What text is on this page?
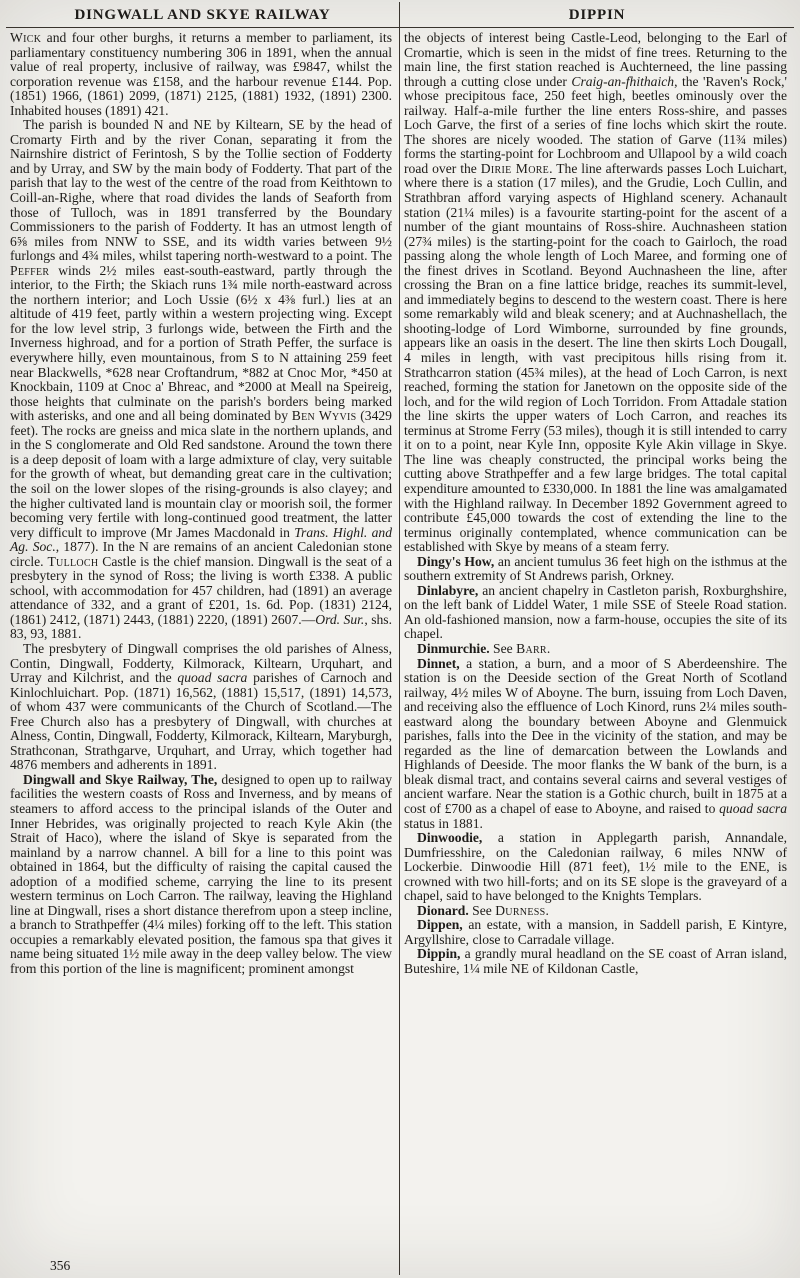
DINGWALL AND SKYE RAILWAY	DIPPIN

Wick and four other burghs, it returns a member to parliament, its parliamentary constituency numbering 306 in 1891, when the annual value of real property, inclusive of railway, was £9847, whilst the corporation revenue was £158, and the harbour revenue £144. Pop. (1851) 1966, (1861) 2099, (1871) 2125, (1881) 1932, (1891) 2300. Inhabited houses (1891) 421.

The parish is bounded N and NE by Kiltearn, SE by the head of Cromarty Firth and by the river Conan, separating it from the Nairnshire district of Ferintosh, S by the Tollie section of Fodderty and by Urray, and SW by the main body of Fodderty. That part of the parish that lay to the west of the centre of the road from Keithtown to Coill-an-Righe, where that road divides the lands of Seaforth from those of Tulloch, was in 1891 transferred by the Boundary Commissioners to the parish of Fodderty. It has an utmost length of 6⅝ miles from NNW to SSE, and its width varies between 9½ furlongs and 4¾ miles, whilst tapering north-westward to a point. The Peffer winds 2½ miles east-south-eastward, partly through the interior, to the Firth; the Skiach runs 1¾ mile north-eastward across the northern interior; and Loch Ussie (6½ x 4⅜ furl.) lies at an altitude of 419 feet, partly within a western projecting wing. Except for the low level strip, 3 furlongs wide, between the Firth and the Inverness highroad, and for a portion of Strath Peffer, the surface is everywhere hilly, even mountainous, from S to N attaining 259 feet near Blackwells, *628 near Croftandrum, *882 at Cnoc Mor, *450 at Knockbain, 1109 at Cnoc a' Bhreac, and *2000 at Meall na Speireig, those heights that culminate on the parish's borders being marked with asterisks, and one and all being dominated by Ben Wyvis (3429 feet). The rocks are gneiss and mica slate in the northern uplands, and in the S conglomerate and Old Red sandstone. Around the town there is a deep deposit of loam with a large admixture of clay, very suitable for the growth of wheat, but demanding great care in the cultivation; the soil on the lower slopes of the rising-grounds is also clayey; and the higher cultivated land is mountain clay or moorish soil, the former becoming very fertile with long-continued good treatment, the latter very difficult to improve (Mr James Macdonald in Trans. Highl. and Ag. Soc., 1877). In the N are remains of an ancient Caledonian stone circle. Tulloch Castle is the chief mansion. Dingwall is the seat of a presbytery in the synod of Ross; the living is worth £338. A public school, with accommodation for 457 children, had (1891) an average attendance of 332, and a grant of £201, 1s. 6d. Pop. (1831) 2124, (1861) 2412, (1871) 2443, (1881) 2220, (1891) 2607.—Ord. Sur., shs. 83, 93, 1881.

The presbytery of Dingwall comprises the old parishes of Alness, Contin, Dingwall, Fodderty, Kilmorack, Kiltearn, Urquhart, and Urray and Kilchrist, and the quoad sacra parishes of Carnoch and Kinlochluichart. Pop. (1871) 16,562, (1881) 15,517, (1891) 14,573, of whom 437 were communicants of the Church of Scotland.—The Free Church also has a presbytery of Dingwall, with churches at Alness, Contin, Dingwall, Fodderty, Kilmorack, Kiltearn, Maryburgh, Strathconan, Strathgarve, Urquhart, and Urray, which together had 4876 members and adherents in 1891.

Dingwall and Skye Railway, The, designed to open up to railway facilities the western coasts of Ross and Inverness, and by means of steamers to afford access to the principal islands of the Outer and Inner Hebrides, was originally projected to reach Kyle Akin (the Strait of Haco), where the island of Skye is separated from the mainland by a narrow channel. A bill for a line to this point was obtained in 1864, but the difficulty of raising the capital caused the adoption of a modified scheme, carrying the line to its present western terminus on Loch Carron. The railway, leaving the Highland line at Dingwall, rises a short distance therefrom upon a steep incline, a branch to Strathpeffer (4¼ miles) forking off to the left. This station occupies a remarkably elevated position, the famous spa that gives it name being situated 1½ mile away in the deep valley below. The view from this portion of the line is magnificent; prominent amongst

the objects of interest being Castle-Leod, belonging to the Earl of Cromartie, which is seen in the midst of fine trees. Returning to the main line, the first station reached is Auchterneed, the line passing through a cutting close under Craig-an-fhithaich, the 'Raven's Rock,' whose precipitous face, 250 feet high, beetles ominously over the railway. Half-a-mile further the line enters Ross-shire, and passes Loch Garve, the first of a series of fine lochs which skirt the route. The shores are nicely wooded. The station of Garve (11¾ miles) forms the starting-point for Lochbroom and Ullapool by a wild coach road over the Dirie More. The line afterwards passes Loch Luichart, where there is a station (17 miles), and the Grudie, Loch Cullin, and Strathbran afford varying aspects of Highland scenery. Achanault station (21¼ miles) is a favourite starting-point for the ascent of a number of the giant mountains of Ross-shire. Auchnasheen station (27¾ miles) is the starting-point for the coach to Gairloch, the road passing along the whole length of Loch Maree, and forming one of the finest drives in Scotland. Beyond Auchnasheen the line, after crossing the Bran on a fine lattice bridge, reaches its summit-level, and immediately begins to descend to the western coast. There is here some remarkably wild and bleak scenery; and at Auchnashellach, the shooting-lodge of Lord Wimborne, surrounded by fine grounds, appears like an oasis in the desert. The line then skirts Loch Dougall, 4 miles in length, with vast precipitous hills rising from it. Strathcarron station (45¾ miles), at the head of Loch Carron, is next reached, forming the station for Janetown on the opposite side of the loch, and for the wild region of Loch Torridon. From Attadale station the line skirts the upper waters of Loch Carron, and reaches its terminus at Strome Ferry (53 miles), though it is still intended to carry it on to a point, near Kyle Inn, opposite Kyle Akin village in Skye. The line was cheaply constructed, the principal works being the cutting above Strathpeffer and a few large bridges. The total capital expenditure amounted to £330,000. In 1881 the line was amalgamated with the Highland railway. In December 1892 Government agreed to contribute £45,000 towards the cost of extending the line to the terminus originally contemplated, whence communication can be established with Skye by means of a steam ferry.

Dingy's How, an ancient tumulus 36 feet high on the isthmus at the southern extremity of St Andrews parish, Orkney.

Dinlabyre, an ancient chapelry in Castleton parish, Roxburghshire, on the left bank of Liddel Water, 1 mile SSE of Steele Road station. An old-fashioned mansion, now a farm-house, occupies the site of its chapel.

Dinmurchie. See Barr.

Dinnet, a station, a burn, and a moor of S Aberdeenshire. The station is on the Deeside section of the Great North of Scotland railway, 4½ miles W of Aboyne. The burn, issuing from Loch Daven, and receiving also the effluence of Loch Kinord, runs 2¼ miles south-eastward along the boundary between Aboyne and Glenmuick parishes, falls into the Dee in the vicinity of the station, and may be regarded as the line of demarcation between the Lowlands and Highlands of Deeside. The moor flanks the W bank of the burn, is a bleak dismal tract, and contains several cairns and several vestiges of ancient warfare. Near the station is a Gothic church, built in 1875 at a cost of £700 as a chapel of ease to Aboyne, and raised to quoad sacra status in 1881.

Dinwoodie, a station in Applegarth parish, Annandale, Dumfriesshire, on the Caledonian railway, 6 miles NNW of Lockerbie. Dinwoodie Hill (871 feet), 1½ mile to the ENE, is crowned with two hill-forts; and on its SE slope is the graveyard of a chapel, said to have belonged to the Knights Templars.

Dionard. See Durness.

Dippen, an estate, with a mansion, in Saddell parish, E Kintyre, Argyllshire, close to Carradale village.

Dippin, a grandly mural headland on the SE coast of Arran island, Buteshire, 1¼ mile NE of Kildonan Castle,

356
